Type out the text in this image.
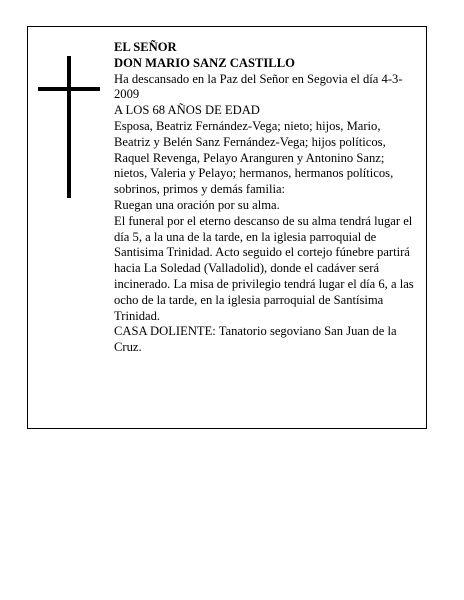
EL SEÑOR

DON MARIO SANZ CASTILLO

Ha descansado en la Paz del Señor en Segovia el día 4-3-2009

A LOS 68 AÑOS DE EDAD

Esposa, Beatriz Fernández-Vega; nieto; hijos, Mario, Beatriz y Belén Sanz Fernández-Vega; hijos políticos, Raquel Revenga, Pelayo Aranguren y Antonino Sanz; nietos, Valeria y Pelayo; hermanos, hermanos políticos, sobrinos, primos y demás familia:

Ruegan una oración por su alma.

El funeral por el eterno descanso de su alma tendrá lugar el día 5, a la una de la tarde, en la iglesia parroquial de Santisima Trinidad. Acto seguido el cortejo fúnebre partirá hacia La Soledad (Valladolid), donde el cadáver será incinerado. La misa de privilegio tendrá lugar el día 6, a las ocho de la tarde, en la iglesia parroquial de Santísima Trinidad.

CASA DOLIENTE: Tanatorio segoviano San Juan de la Cruz.
